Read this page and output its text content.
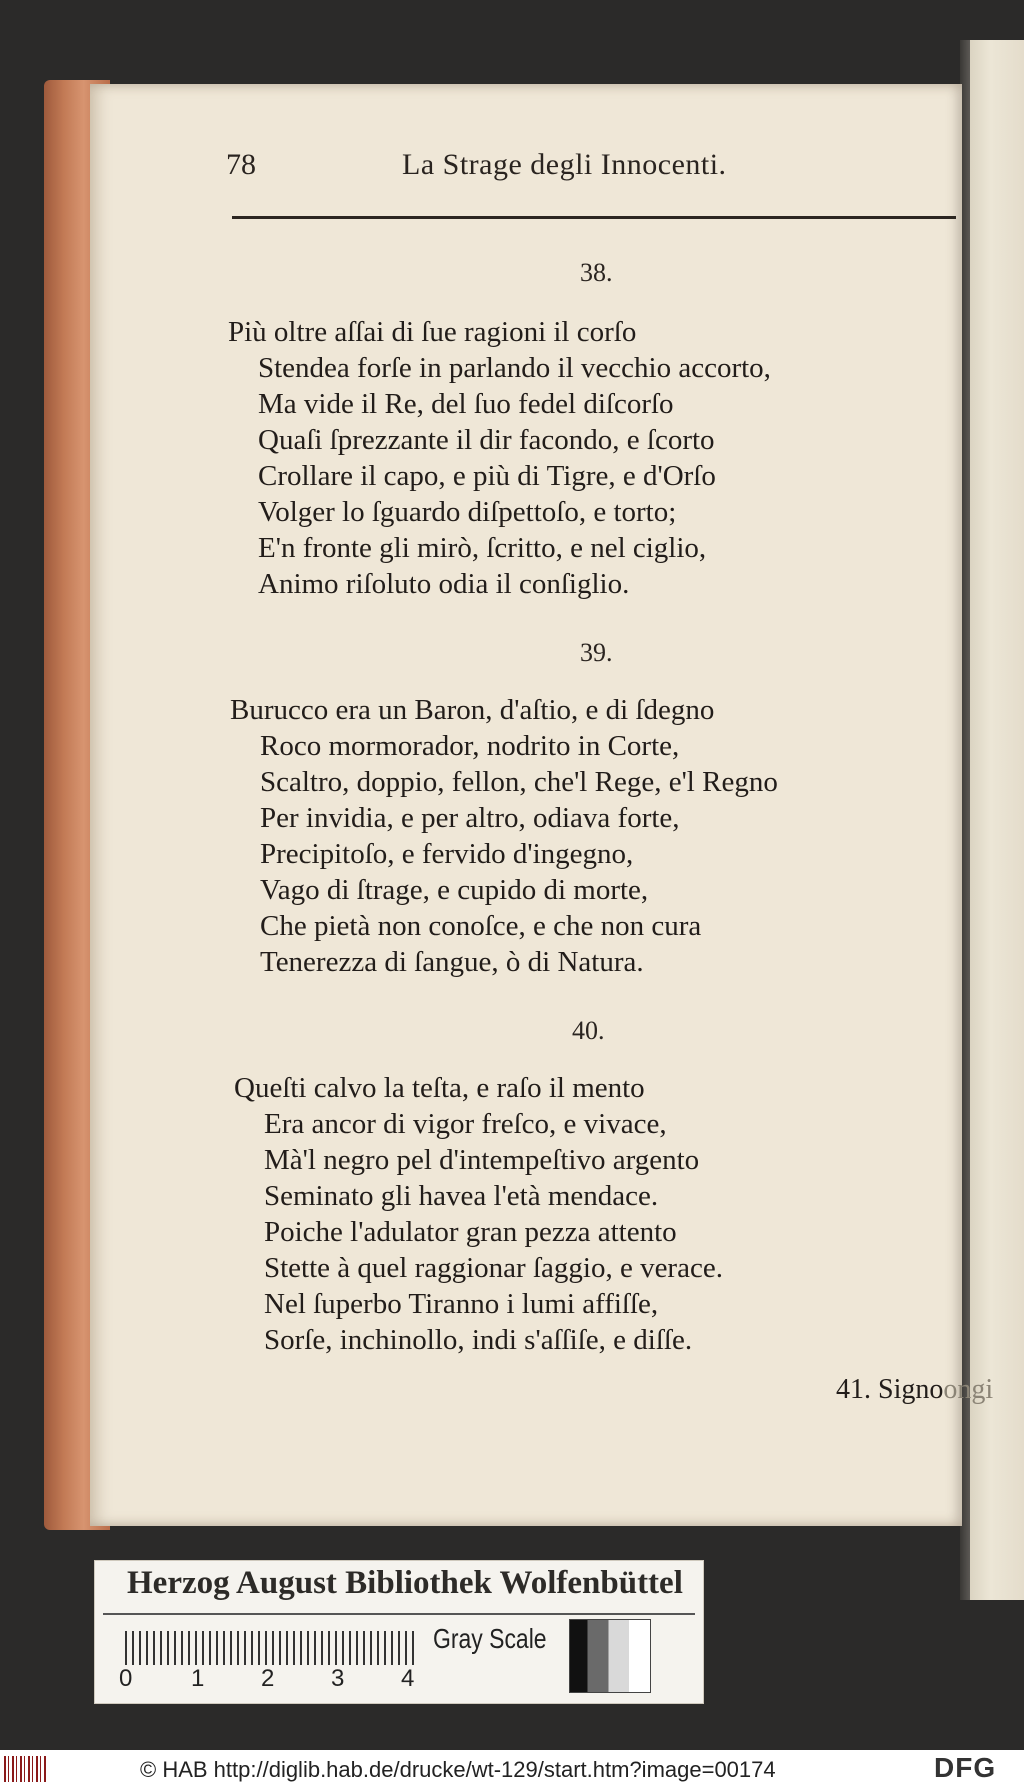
78	La Strage degli Innocenti.
38.
Più oltre aſſai di ſue ragioni il corſo
Stendea forſe in parlando il vecchio accorto,
Ma vide il Re, del ſuo fedel diſcorſo
Quaſi ſprezzante il dir facondo, e ſcorto
Crollare il capo, e più di Tigre, e d'Orſo
Volger lo ſguardo diſpettoſo, e torto;
E'n fronte gli mirò, ſcritto, e nel ciglio,
Animo riſoluto odia il conſiglio.
39.
Burucco era un Baron, d'aſtio, e di ſdegno
Roco mormorador, nodrito in Corte,
Scaltro, doppio, fellon, che'l Rege, e'l Regno
Per invidia, e per altro, odiava forte,
Precipitoſo, e fervido d'ingegno,
Vago di ſtrage, e cupido di morte,
Che pietà non conoſce, e che non cura
Tenerezza di ſangue, ò di Natura.
40.
Queſti calvo la teſta, e raſo il mento
Era ancor di vigor freſco, e vivace,
Mà'l negro pel d'intempeſtivo argento
Seminato gli havea l'età mendace.
Poiche l'adulator gran pezza attento
Stette à quel raggionar ſaggio, e verace.
Nel ſuperbo Tiranno i lumi affiſſe,
Sorſe, inchinollo, indi s'aſſiſe, e diſſe.
41. Signoongi
Herzog August Bibliothek Wolfenbüttel
0 1 2 3 4
Gray Scale
© HAB http://diglib.hab.de/drucke/wt-129/start.htm?image=00174	DFG
